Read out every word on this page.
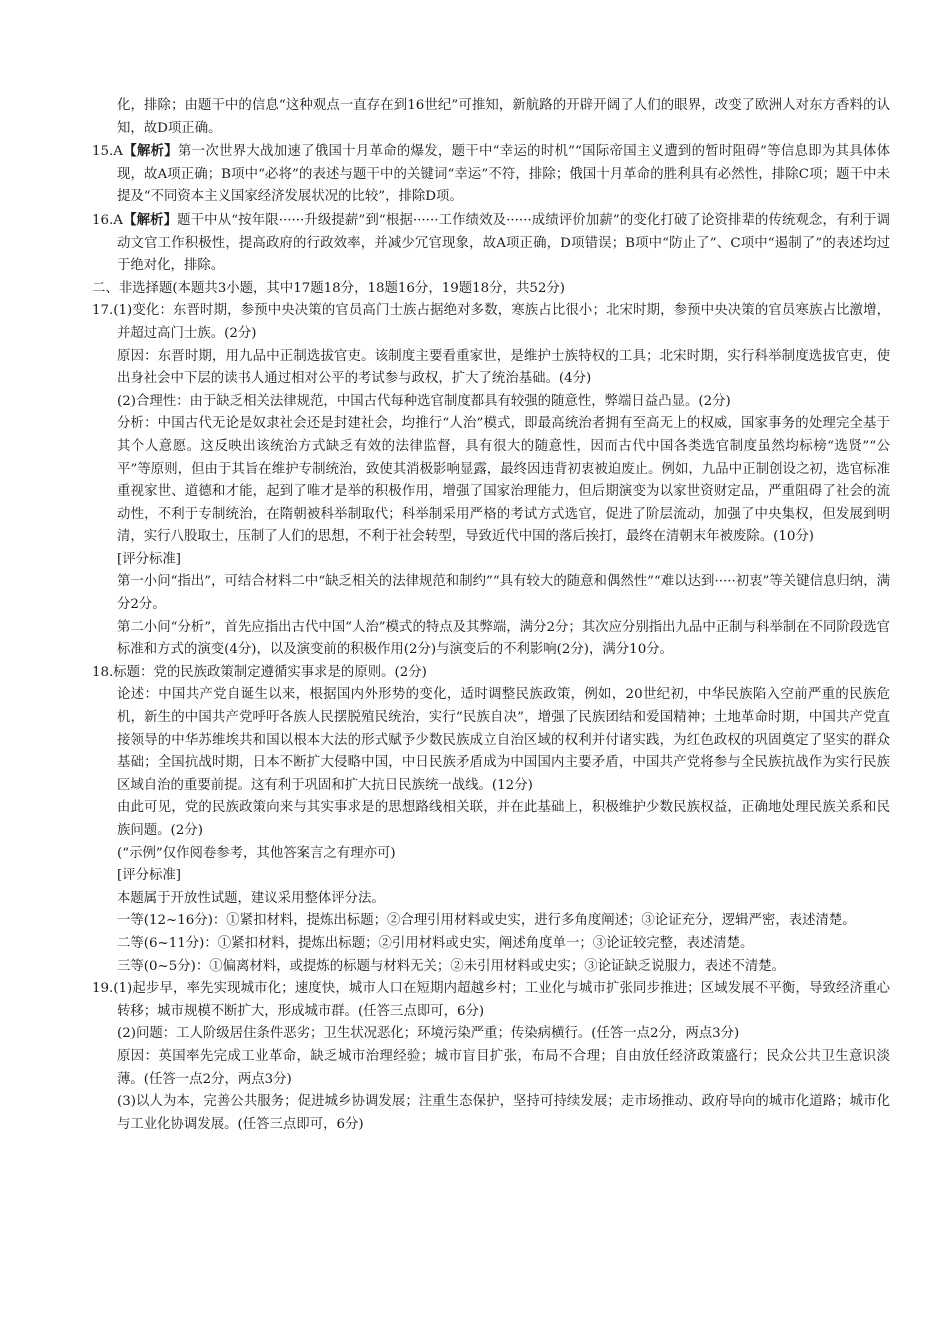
化，排除；由题干中的信息“这种观点一直存在到16世纪”可推知，新航路的开辟开阔了人们的眼界，改变了欧洲人对东方香料的认知，故D项正确。

15.A【解析】第一次世界大战加速了俄国十月革命的爆发，题干中“幸运的时机”“国际帝国主义遭到的暂时阻碍”等信息即为其具体体现，故A项正确；B项中“必将”的表述与题干中的关键词“幸运”不符，排除；俄国十月革命的胜利具有必然性，排除C项；题干中未提及“不同资本主义国家经济发展状况的比较”，排除D项。

16.A【解析】题干中从“按年限······升级提薪”到“根据······工作绩效及······成绩评价加薪”的变化打破了论资排辈的传统观念，有利于调动文官工作积极性，提高政府的行政效率，并减少冗官现象，故A项正确，D项错误；B项中“防止了”、C项中“遏制了”的表述均过于绝对化，排除。

二、非选择题(本题共3小题，其中17题18分，18题16分，19题18分，共52分)

17.(1)变化：东晋时期，参预中央决策的官员高门士族占据绝对多数，寒族占比很小；北宋时期，参预中央决策的官员寒族占比激增，并超过高门士族。(2分)

原因：东晋时期，用九品中正制选拔官吏。该制度主要看重家世，是维护士族特权的工具；北宋时期，实行科举制度选拔官吏，使出身社会中下层的读书人通过相对公平的考试参与政权，扩大了统治基础。(4分)

(2)合理性：由于缺乏相关法律规范，中国古代每种选官制度都具有较强的随意性，弊端日益凸显。(2分)

分析：中国古代无论是奴隶社会还是封建社会，均推行“人治”模式，即最高统治者拥有至高无上的权威，国家事务的处理完全基于其个人意愿。这反映出该统治方式缺乏有效的法律监督，具有很大的随意性，因而古代中国各类选官制度虽然均标榜“选贤”“公平”等原则，但由于其旨在维护专制统治，致使其消极影响显露，最终因违背初衷被迫废止。例如，九品中正制创设之初，选官标准重视家世、道德和才能，起到了唯才是举的积极作用，增强了国家治理能力，但后期演变为以家世资财定品，严重阻碍了社会的流动性，不利于专制统治，在隋朝被科举制取代；科举制采用严格的考试方式选官，促进了阶层流动，加强了中央集权，但发展到明清，实行八股取士，压制了人们的思想，不利于社会转型，导致近代中国的落后挨打，最终在清朝末年被废除。(10分)

[评分标准]

第一小问“指出”，可结合材料二中“缺乏相关的法律规范和制约”“具有较大的随意和偶然性”“难以达到·····初衷”等关键信息归纳，满分2分。

第二小问“分析”，首先应指出古代中国“人治”模式的特点及其弊端，满分2分；其次应分别指出九品中正制与科举制在不同阶段选官标准和方式的演变(4分)，以及演变前的积极作用(2分)与演变后的不利影响(2分)，满分10分。

18.标题：党的民族政策制定遵循实事求是的原则。(2分)

论述：中国共产党自诞生以来，根据国内外形势的变化，适时调整民族政策，例如，20世纪初，中华民族陷入空前严重的民族危机，新生的中国共产党呼吁各族人民摆脱殖民统治，实行“民族自决”，增强了民族团结和爱国精神；土地革命时期，中国共产党直接领导的中华苏维埃共和国以根本大法的形式赋予少数民族成立自治区域的权利并付诸实践，为红色政权的巩固奠定了坚实的群众基础；全国抗战时期，日本不断扩大侵略中国，中日民族矛盾成为中国国内主要矛盾，中国共产党将参与全民族抗战作为实行民族区域自治的重要前提。这有利于巩固和扩大抗日民族统一战线。(12分)

由此可见，党的民族政策向来与其实事求是的思想路线相关联，并在此基础上，积极维护少数民族权益，正确地处理民族关系和民族问题。(2分)

(“示例”仅作阅卷参考，其他答案言之有理亦可)

[评分标准]

本题属于开放性试题，建议采用整体评分法。

一等(12~16分)：①紧扣材料，提炼出标题；②合理引用材料或史实，进行多角度阐述；③论证充分，逻辑严密，表述清楚。

二等(6~11分)：①紧扣材料，提炼出标题；②引用材料或史实，阐述角度单一；③论证较完整，表述清楚。

三等(0~5分)：①偏离材料，或提炼的标题与材料无关；②未引用材料或史实；③论证缺乏说服力，表述不清楚。

19.(1)起步早，率先实现城市化；速度快，城市人口在短期内超越乡村；工业化与城市扩张同步推进；区域发展不平衡，导致经济重心转移；城市规模不断扩大，形成城市群。(任答三点即可，6分)

(2)问题：工人阶级居住条件恶劣；卫生状况恶化；环境污染严重；传染病横行。(任答一点2分，两点3分)

原因：英国率先完成工业革命，缺乏城市治理经验；城市盲目扩张，布局不合理；自由放任经济政策盛行；民众公共卫生意识淡薄。(任答一点2分，两点3分)

(3)以人为本，完善公共服务；促进城乡协调发展；注重生态保护，坚持可持续发展；走市场推动、政府导向的城市化道路；城市化与工业化协调发展。(任答三点即可，6分)
